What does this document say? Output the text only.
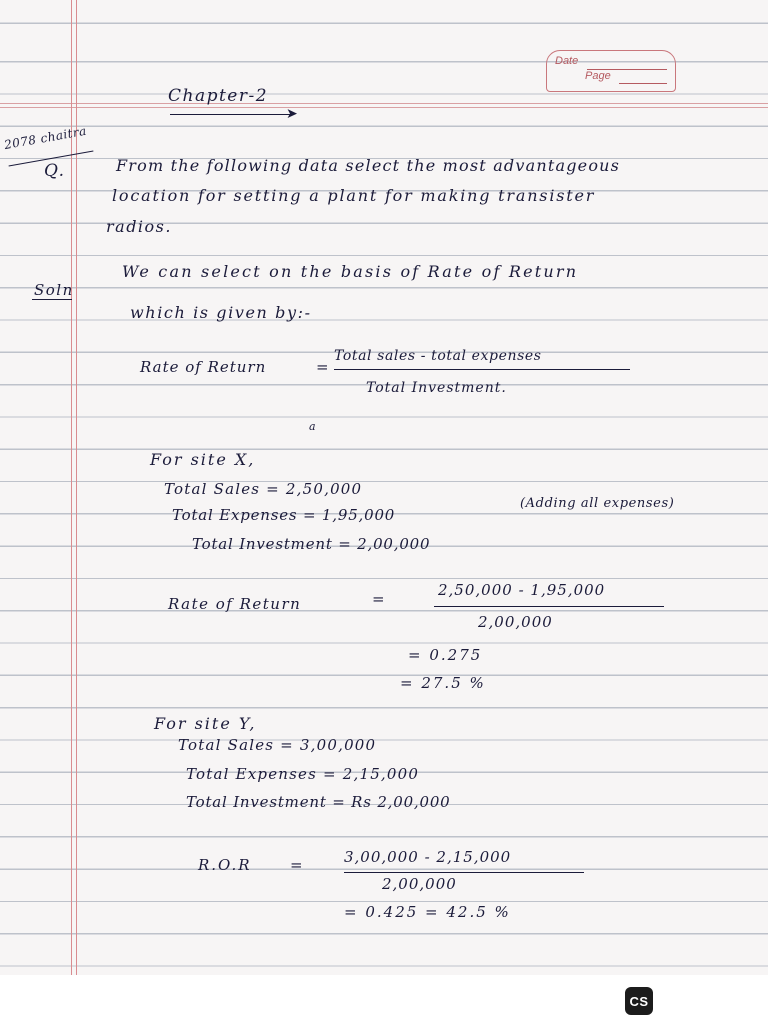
Date
Page

Chapter-2

➤

2078 chaitra

Q.	From the following data select the most advantageous

location for setting a plant for making transister

radios.

Soln

We can select on the basis of Rate of Return

which is given by:-

Rate of Return	=

Total sales - total expenses

Total Investment.

a

For site X,

Total Sales = 2,50,000

Total Expenses = 1,95,000

(Adding all expenses)

Total Investment = 2,00,000

Rate of Return	=	2,50,000 - 1,95,000

2,00,000

= 0.275

= 27.5 %

For site Y,

Total Sales = 3,00,000

Total Expenses = 2,15,000

Total Investment = Rs 2,00,000

R.O.R	=	3,00,000 - 2,15,000

2,00,000

= 0.425 = 42.5 %

CS
